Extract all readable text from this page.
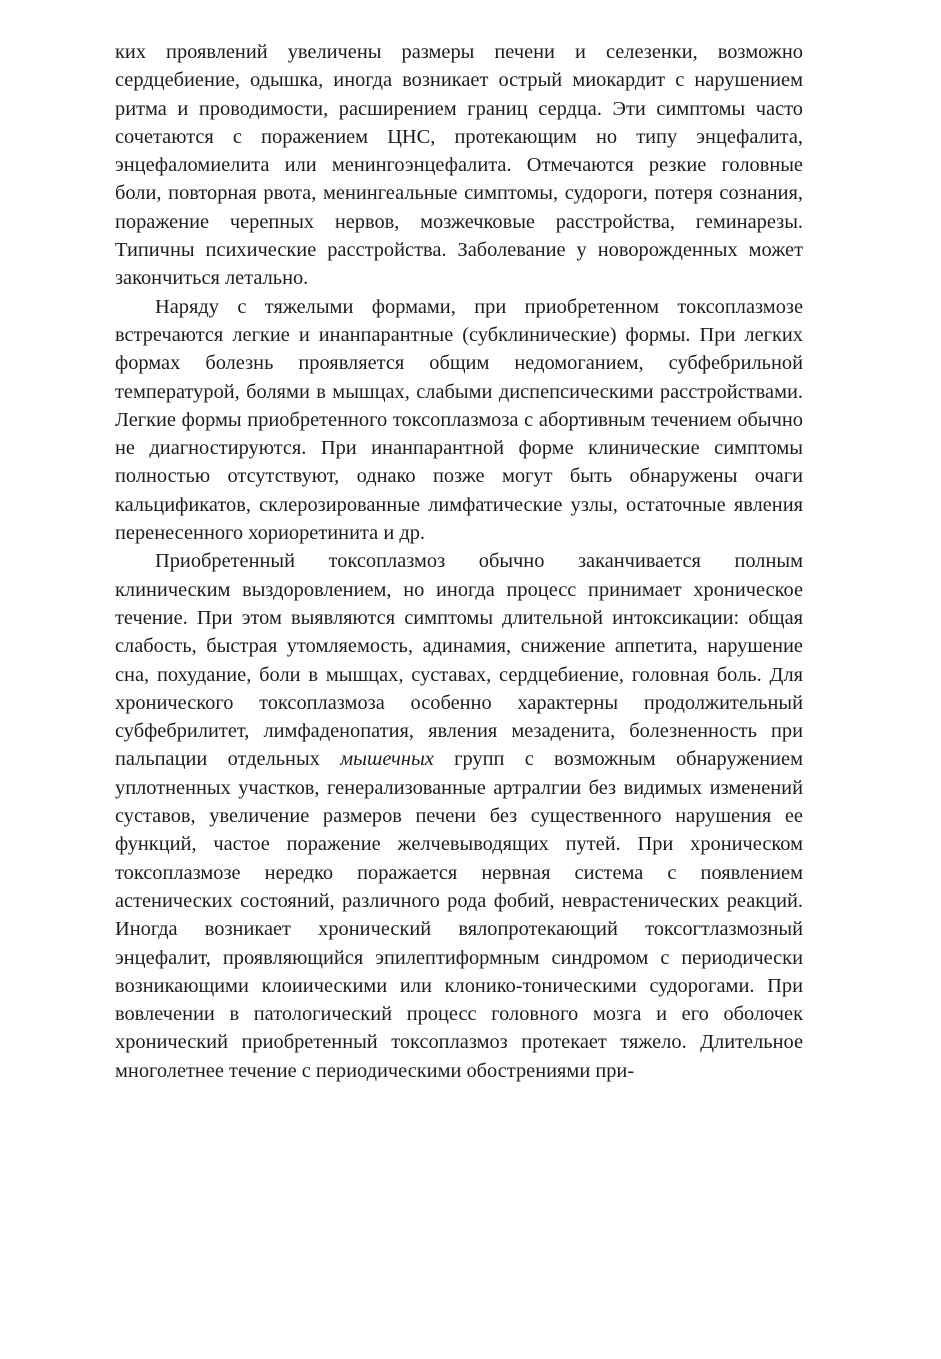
ких проявлений увеличены размеры печени и селезенки, возможно сердцебиение, одышка, иногда возникает острый миокардит с нарушением ритма и проводимости, расширением границ сердца. Эти симптомы часто сочетаются с поражением ЦНС, протекающим но типу энцефалита, энцефаломиелита или менингоэнцефалита. Отмечаются резкие головные боли, повторная рвота, менингеальные симптомы, судороги, потеря сознания, поражение черепных нервов, мозжечковые расстройства, геминарезы. Типичны психические расстройства. Заболевание у новорожденных может закончиться летально.

Наряду с тяжелыми формами, при приобретенном токсоплазмозе встречаются легкие и инанпарантные (субклинические) формы. При легких формах болезнь проявляется общим недомоганием, субфебрильной температурой, болями в мышцах, слабыми диспепсическими расстройствами. Легкие формы приобретенного токсоплазмоза с абортивным течением обычно не диагностируются. При инанпарантной форме клинические симптомы полностью отсутствуют, однако позже могут быть обнаружены очаги кальцификатов, склерозированные лимфатические узлы, остаточные явления перенесенного хориоретинита и др.

Приобретенный токсоплазмоз обычно заканчивается полным клиническим выздоровлением, но иногда процесс принимает хроническое течение. При этом выявляются симптомы длительной интоксикации: общая слабость, быстрая утомляемость, адинамия, снижение аппетита, нарушение сна, похудание, боли в мышцах, суставах, сердцебиение, головная боль. Для хронического токсоплазмоза особенно характерны продолжительный субфебрилитет, лимфаденопатия, явления мезаденита, болезненность при пальпации отдельных мышечных групп с возможным обнаружением уплотненных участков, генерализованные артралгии без видимых изменений суставов, увеличение размеров печени без существенного нарушения ее функций, частое поражение желчевыводящих путей. При хроническом токсоплазмозе нередко поражается нервная система с появлением астенических состояний, различного рода фобий, неврастенических реакций. Иногда возникает хронический вялопротекающий токсогтлазмозный энцефалит, проявляющийся эпилептиформным синдромом с периодически возникающими клоиическими или клонико-тоническими судорогами. При вовлечении в патологический процесс головного мозга и его оболочек хронический приобретенный токсоплазмоз протекает тяжело. Длительное многолетнее течение с периодическими обострениями при-
